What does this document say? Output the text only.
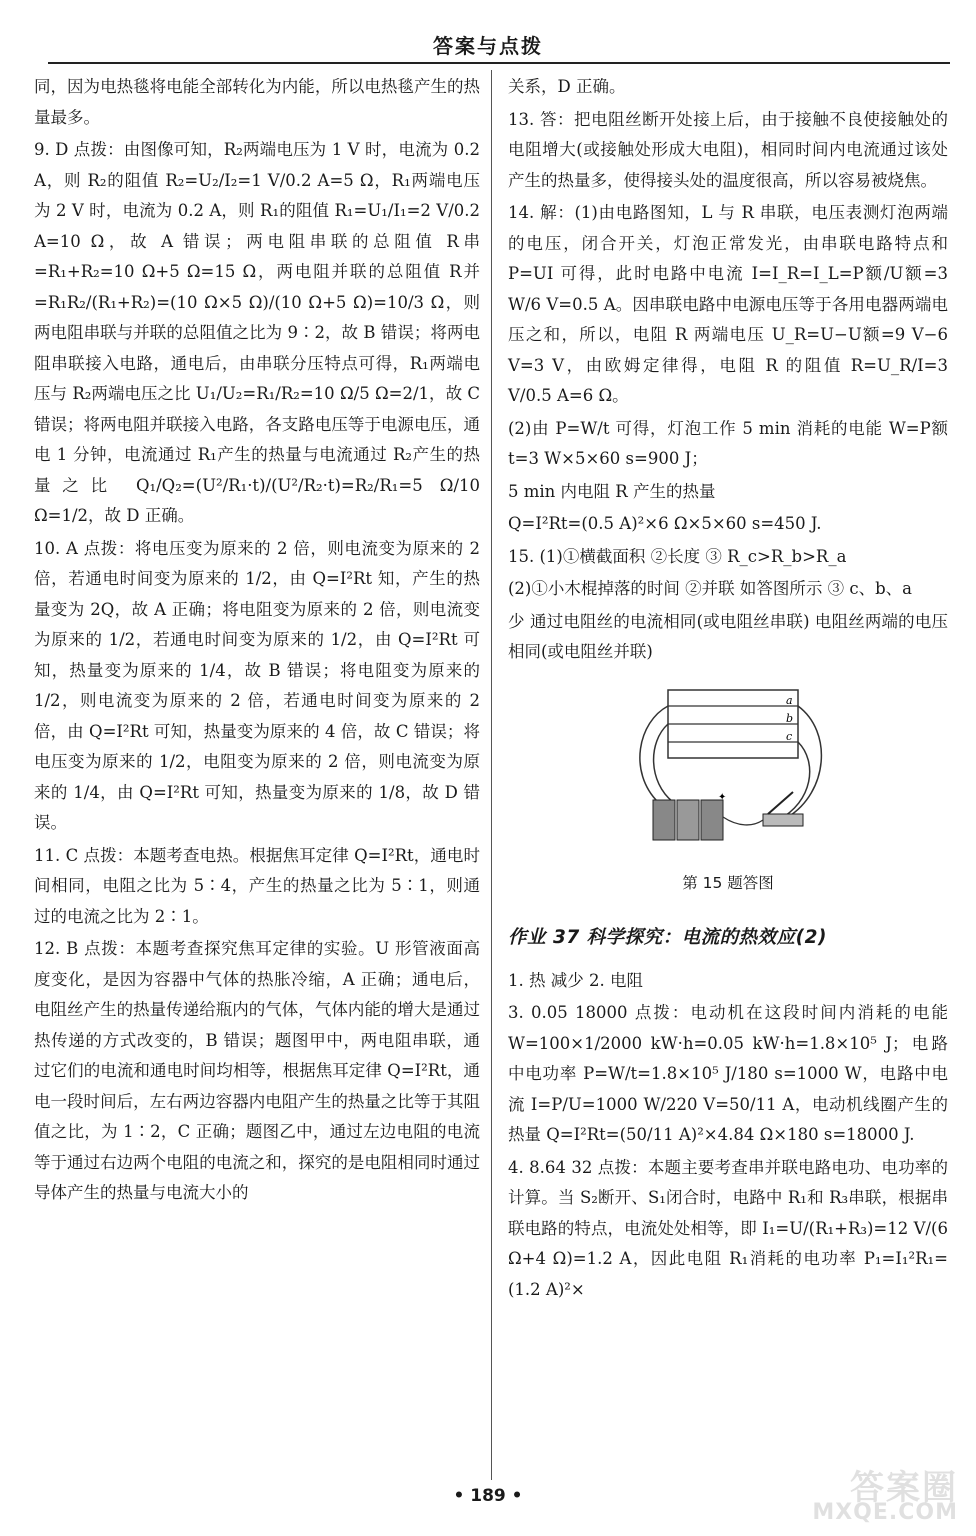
答案与点拨

同，因为电热毯将电能全部转化为内能，所以电热毯产生的热量最多。

9. D 点拨：由图像可知，R₂两端电压为 1 V 时，电流为 0.2 A，则 R₂的阻值 R₂=U₂/I₂=1 V/0.2 A=5 Ω，R₁两端电压为 2 V 时，电流为 0.2 A，则 R₁的阻值 R₁=U₁/I₁=2 V/0.2 A=10 Ω，故 A 错误；两电阻串联的总阻值 R串=R₁+R₂=10 Ω+5 Ω=15 Ω，两电阻并联的总阻值 R并=R₁R₂/(R₁+R₂)=(10 Ω×5 Ω)/(10 Ω+5 Ω)=10/3 Ω，则两电阻串联与并联的总阻值之比为 9∶2，故 B 错误；将两电阻串联接入电路，通电后，由串联分压特点可得，R₁两端电压与 R₂两端电压之比 U₁/U₂=R₁/R₂=10 Ω/5 Ω=2/1，故 C 错误；将两电阻并联接入电路，各支路电压等于电源电压，通电 1 分钟，电流通过 R₁产生的热量与电流通过 R₂产生的热量之比 Q₁/Q₂=(U²/R₁·t)/(U²/R₂·t)=R₂/R₁=5 Ω/10 Ω=1/2，故 D 正确。

10. A 点拨：将电压变为原来的 2 倍，则电流变为原来的 2 倍，若通电时间变为原来的 1/2，由 Q=I²Rt 知，产生的热量变为 2Q，故 A 正确；将电阻变为原来的 2 倍，则电流变为原来的 1/2，若通电时间变为原来的 1/2，由 Q=I²Rt 可知，热量变为原来的 1/4，故 B 错误；将电阻变为原来的 1/2，则电流变为原来的 2 倍，若通电时间变为原来的 2 倍，由 Q=I²Rt 可知，热量变为原来的 4 倍，故 C 错误；将电压变为原来的 1/2，电阻变为原来的 2 倍，则电流变为原来的 1/4，由 Q=I²Rt 可知，热量变为原来的 1/8，故 D 错误。

11. C 点拨：本题考查电热。根据焦耳定律 Q=I²Rt，通电时间相同，电阻之比为 5∶4，产生的热量之比为 5∶1，则通过的电流之比为 2∶1。

12. B 点拨：本题考查探究焦耳定律的实验。U 形管液面高度变化，是因为容器中气体的热胀冷缩，A 正确；通电后，电阻丝产生的热量传递给瓶内的气体，气体内能的增大是通过热传递的方式改变的，B 错误；题图甲中，两电阻串联，通过它们的电流和通电时间均相等，根据焦耳定律 Q=I²Rt，通电一段时间后，左右两边容器内电阻产生的热量之比等于其阻值之比，为 1∶2，C 正确；题图乙中，通过左边电阻的电流等于通过右边两个电阻的电流之和，探究的是电阻相同时通过导体产生的热量与电流大小的

关系，D 正确。

13. 答：把电阻丝断开处接上后，由于接触不良使接触处的电阻增大(或接触处形成大电阻)，相同时间内电流通过该处产生的热量多，使得接头处的温度很高，所以容易被烧焦。

14. 解：(1)由电路图知，L 与 R 串联，电压表测灯泡两端的电压，闭合开关，灯泡正常发光，由串联电路特点和 P=UI 可得，此时电路中电流 I=I_R=I_L=P额/U额=3 W/6 V=0.5 A。因串联电路中电源电压等于各用电器两端电压之和，所以，电阻 R 两端电压 U_R=U−U额=9 V−6 V=3 V，由欧姆定律得，电阻 R 的阻值 R=U_R/I=3 V/0.5 A=6 Ω。

(2)由 P=W/t 可得，灯泡工作 5 min 消耗的电能 W=P额 t=3 W×5×60 s=900 J；

5 min 内电阻 R 产生的热量

Q=I²Rt=(0.5 A)²×6 Ω×5×60 s=450 J.

15. (1)①横截面积 ②长度 ③ R_c>R_b>R_a

(2)①小木棍掉落的时间 ②并联 如答图所示 ③ c、b、a

少 通过电阻丝的电流相同(或电阻丝串联) 电阻丝两端的电压相同(或电阻丝并联)

a
b
c
✦
第 15 题答图
作业 37 科学探究：电流的热效应(2)

1. 热 减少 2. 电阻

3. 0.05 18000 点拨：电动机在这段时间内消耗的电能 W=100×1/2000 kW·h=0.05 kW·h=1.8×10⁵ J；电路中电功率 P=W/t=1.8×10⁵ J/180 s=1000 W，电路中电流 I=P/U=1000 W/220 V=50/11 A，电动机线圈产生的热量 Q=I²Rt=(50/11 A)²×4.84 Ω×180 s=18000 J.

4. 8.64 32 点拨：本题主要考查串并联电路电功、电功率的计算。当 S₂断开、S₁闭合时，电路中 R₁和 R₃串联，根据串联电路的特点，电流处处相等，即 I₁=U/(R₁+R₃)=12 V/(6 Ω+4 Ω)=1.2 A，因此电阻 R₁消耗的电功率 P₁=I₁²R₁=(1.2 A)²×

• 189 •	答案圈
MXQE.COM
